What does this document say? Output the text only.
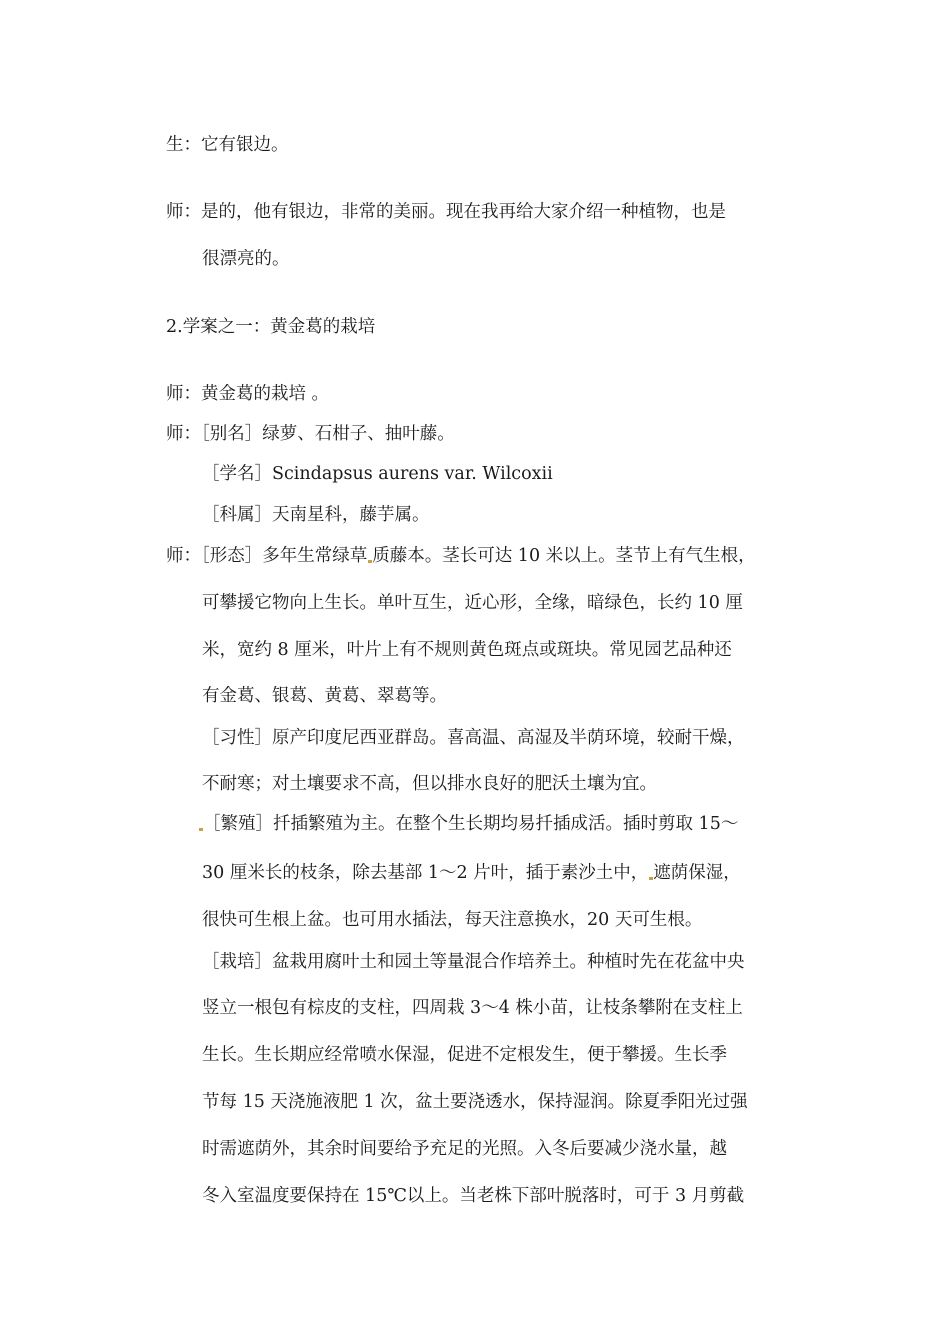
生：它有银边。
师：是的，他有银边，非常的美丽。现在我再给大家介绍一种植物，也是
很漂亮的。
2.学案之一：黄金葛的栽培
师：黄金葛的栽培 。
师：［别名］绿萝、石柑子、抽叶藤。
［学名］Scindapsus aurens var. Wilcoxii
［科属］天南星科，藤芋属。
师：［形态］多年生常绿草 质藤本。茎长可达 10 米以上。茎节上有气生根，
可攀援它物向上生长。单叶互生，近心形，全缘，暗绿色，长约 10 厘
米，宽约 8 厘米，叶片上有不规则黄色斑点或斑块。常见园艺品种还
有金葛、银葛、黄葛、翠葛等。
［习性］原产印度尼西亚群岛。喜高温、高湿及半荫环境，较耐干燥，
不耐寒；对土壤要求不高，但以排水良好的肥沃土壤为宜。
［繁殖］扦插繁殖为主。在整个生长期均易扦插成活。插时剪取 15～
30 厘米长的枝条，除去基部 1～2 片叶，插于素沙土中， 遮荫保湿，
很快可生根上盆。也可用水插法，每天注意换水，20 天可生根。
［栽培］盆栽用腐叶土和园土等量混合作培养土。种植时先在花盆中央
竖立一根包有棕皮的支柱，四周栽 3～4 株小苗，让枝条攀附在支柱上
生长。生长期应经常喷水保湿，促进不定根发生，便于攀援。生长季
节每 15 天浇施液肥 1 次，盆土要浇透水，保持湿润。除夏季阳光过强
时需遮荫外，其余时间要给予充足的光照。入冬后要减少浇水量，越
冬入室温度要保持在 15℃以上。当老株下部叶脱落时，可于 3 月剪截
